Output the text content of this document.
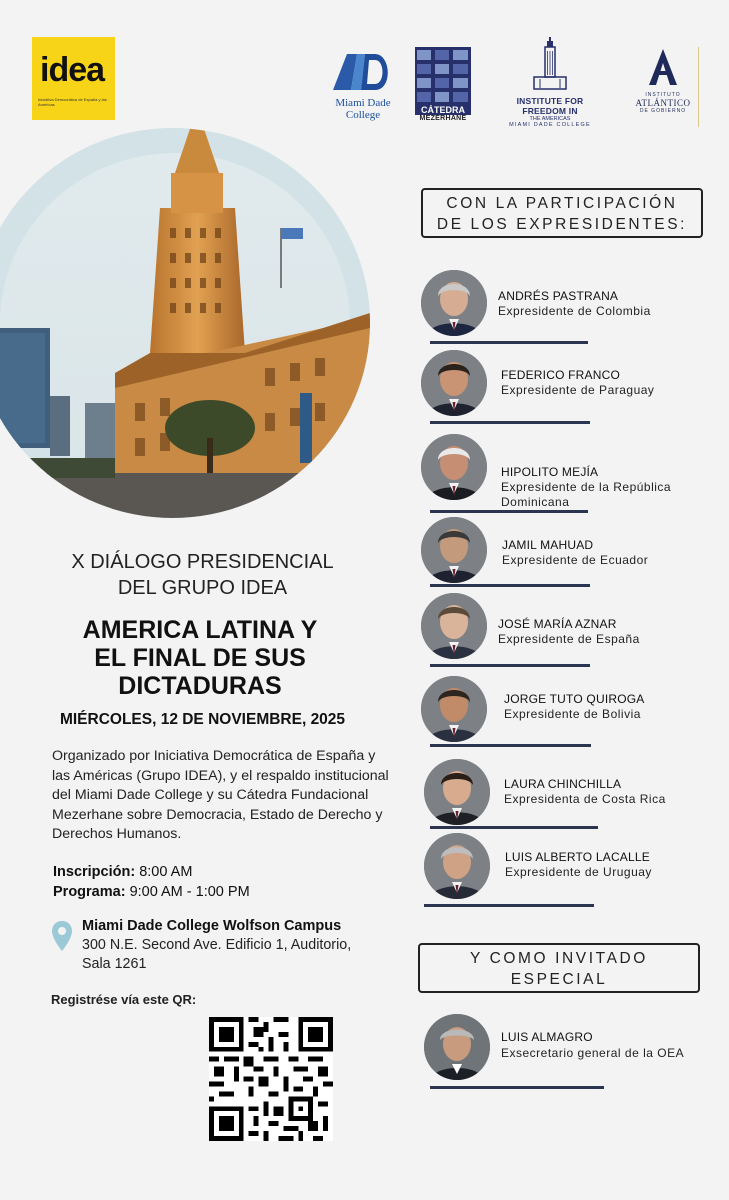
idea
Iniciativa Democrática de España y las Américas	Miami Dade
College	CÁTEDRA
MEZERHANE
INSTITUTE FOR FREEDOM IN
THE AMERICAS
MIAMI DADE COLLEGE
INSTITUTO
ATLÁNTICO
DE GOBIERNO
X DIÁLOGO PRESIDENCIAL
DEL GRUPO IDEA
AMERICA LATINA Y
EL FINAL DE SUS
DICTADURAS
MIÉRCOLES, 12 DE NOVIEMBRE, 2025
Organizado por Iniciativa Democrática de España y
las Américas (Grupo IDEA), y el respaldo institucional
del Miami Dade College y su Cátedra Fundacional
Mezerhane sobre Democracia, Estado de Derecho y
Derechos Humanos.
Inscripción: 8:00 AM
Programa: 9:00 AM - 1:00 PM
Miami Dade College Wolfson Campus
300 N.E. Second Ave. Edificio 1, Auditorio,
Sala 1261
Registrése vía este QR:
CON LA PARTICIPACIÓN
DE LOS EXPRESIDENTES:
ANDRÉS PASTRANA
Expresidente de Colombia
FEDERICO FRANCO
Expresidente de Paraguay
HIPOLITO MEJÍA
Expresidente de la República
Dominicana
JAMIL MAHUAD
Expresidente de Ecuador
JOSÉ MARÍA AZNAR
Expresidente de España
JORGE TUTO QUIROGA
Expresidente de Bolivia
LAURA CHINCHILLA
Expresidenta de Costa Rica
LUIS ALBERTO LACALLE
Expresidente de Uruguay
Y COMO INVITADO
ESPECIAL
LUIS ALMAGRO
Exsecretario general de la OEA
